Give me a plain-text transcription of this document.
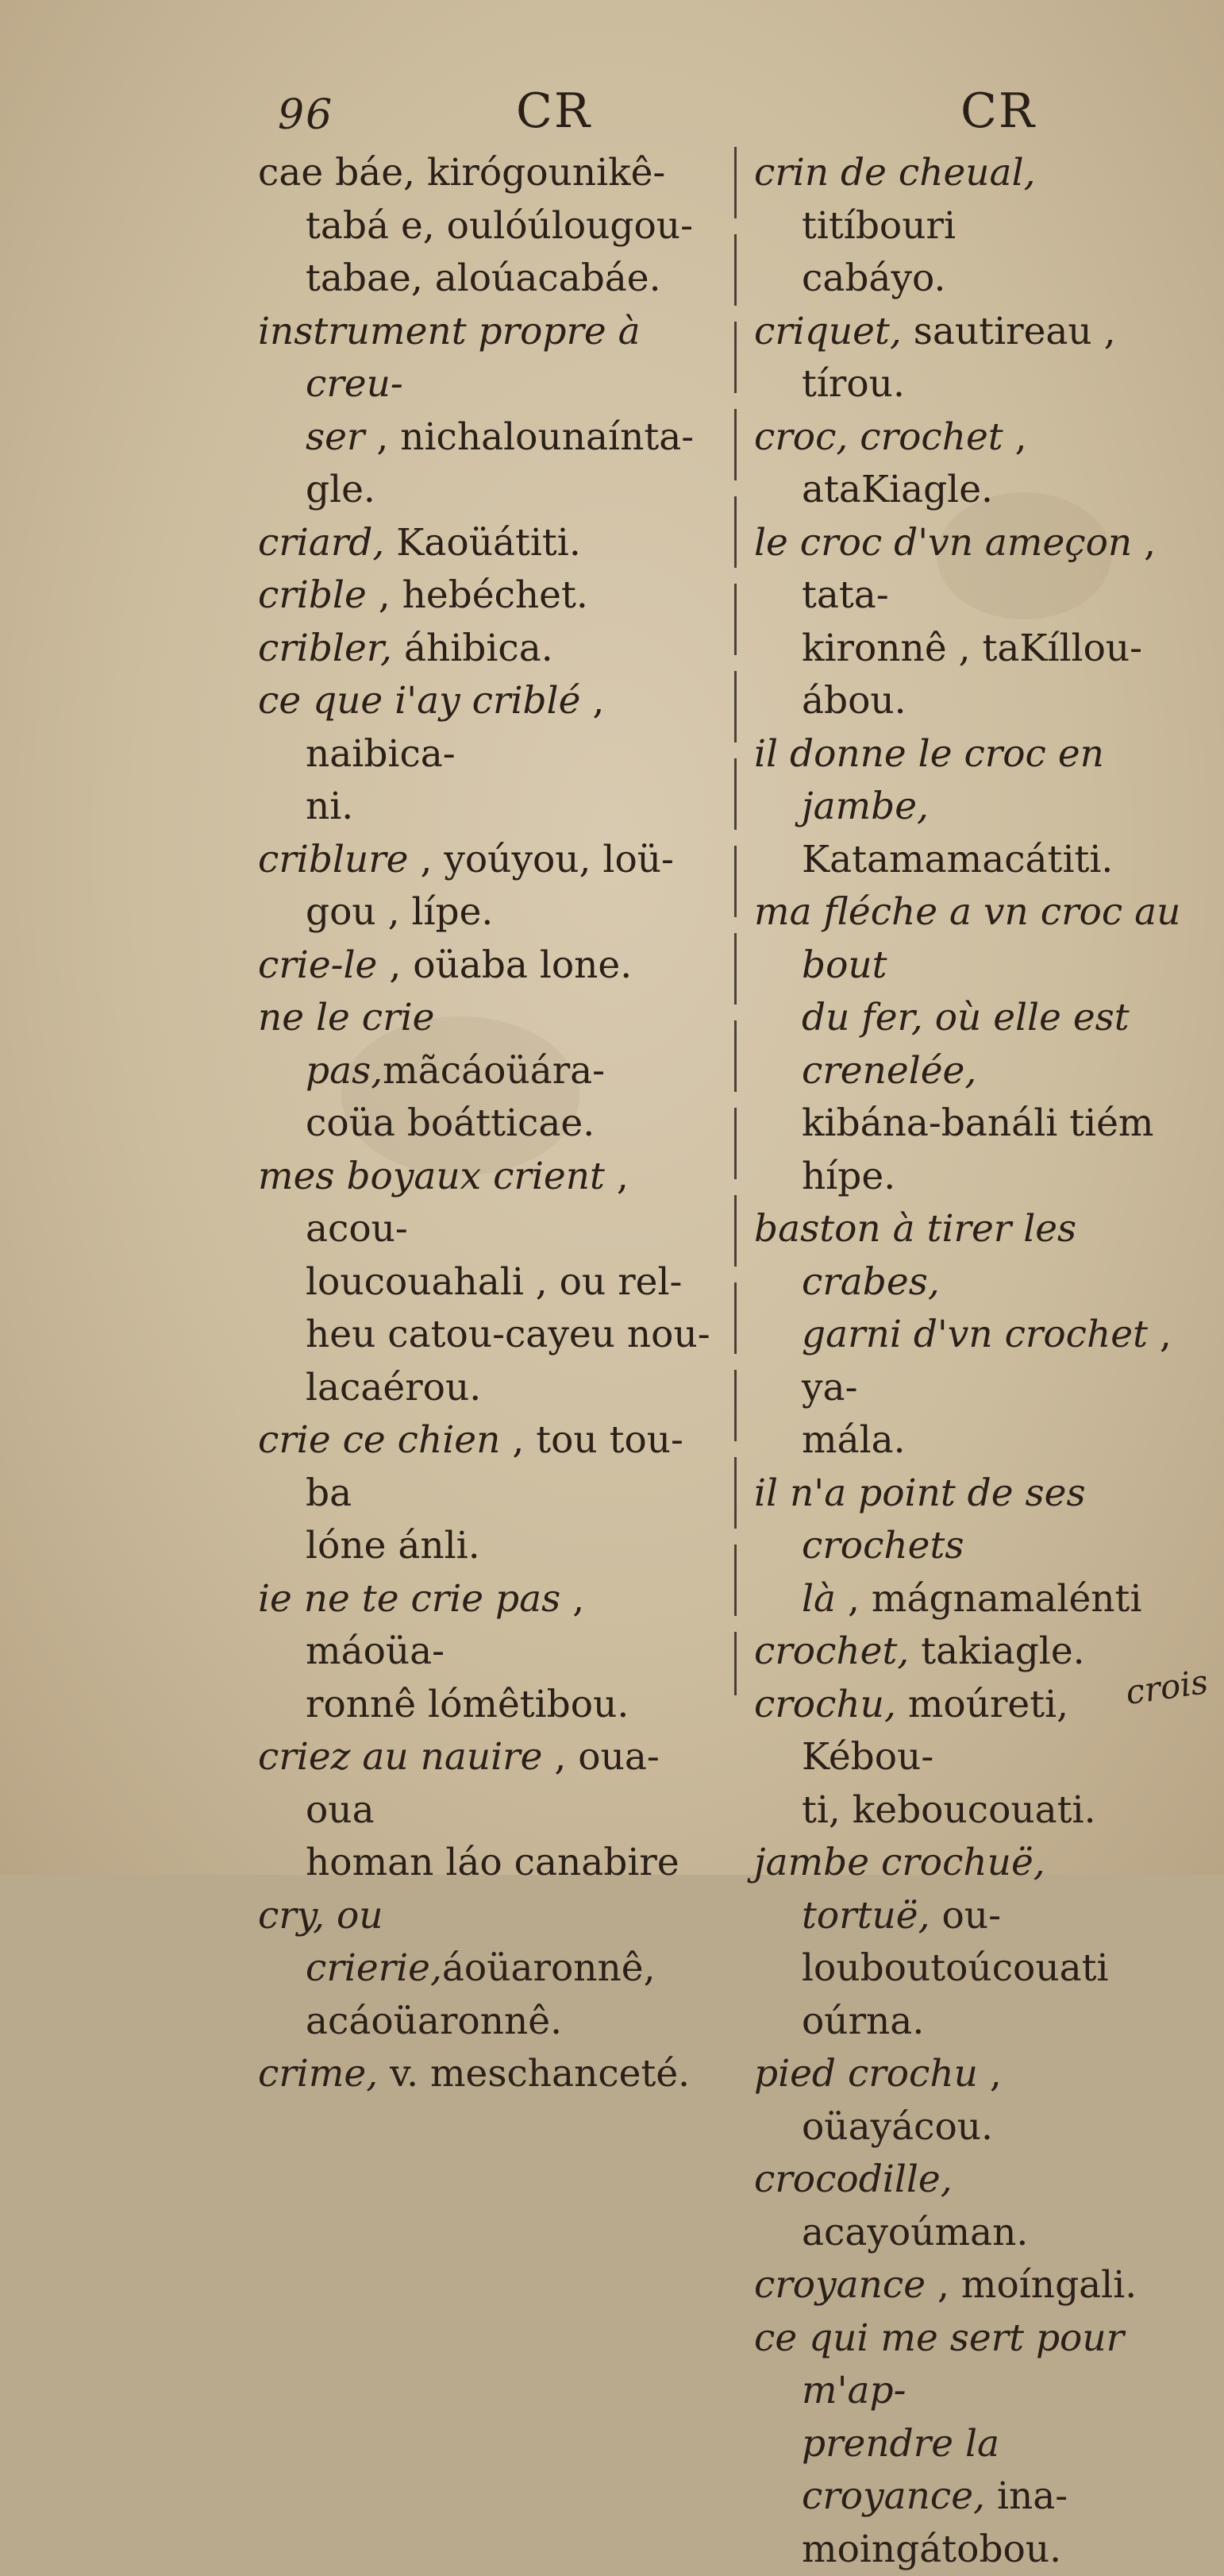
96	CR	CR

cae báe, kirógounikê-

tabá e, oulóúlougou-

tabae, aloúacabáe.

instrument propre à creu-

ser , nichalounaínta-

gle.

criard, Kaoüátiti.

crible , hebéchet.

cribler, áhibica.

ce que i'ay criblé , naibica-

ni.

criblure , yoúyou, loü-

gou , lípe.

crie-le , oüaba lone.

ne le crie pas,mãcáoüára-

coüa boátticae.

mes boyaux crient , acou-

loucouahali , ou rel-

heu catou-cayeu nou-

lacaérou.

crie ce chien , tou tou-ba

lóne ánli.

ie ne te crie pas , máoüa-

ronnê lómêtibou.

criez au nauire , oua-oua

homan láo canabire

cry, ou crierie,áoüaronnê,

acáoüaronnê.

crime, v. meschanceté.

crin de cheual, titíbouri

cabáyo.

criquet, sautireau , tírou.

croc, crochet , ataKiagle.

le croc d'vn ameçon , tata-

kironnê , taKíllou-

ábou.

il donne le croc en jambe,

Katamamacátiti.

ma fléche a vn croc au bout

du fer, où elle est crenelée,

kibána-banáli tiém

hípe.

baston à tirer les crabes,

garni d'vn crochet , ya-

mála.

il n'a point de ses crochets

là , mágnamalénti

crochet, takiagle.

crochu, moúreti, Kébou-

ti, keboucouati.

jambe crochuë, tortuë, ou-

louboutoúcouati oúrna.

pied crochu , oüayácou.

crocodille, acayoúman.

croyance , moíngali.

ce qui me sert pour m'ap-

prendre la croyance, ina-

moingátobou.

crois
